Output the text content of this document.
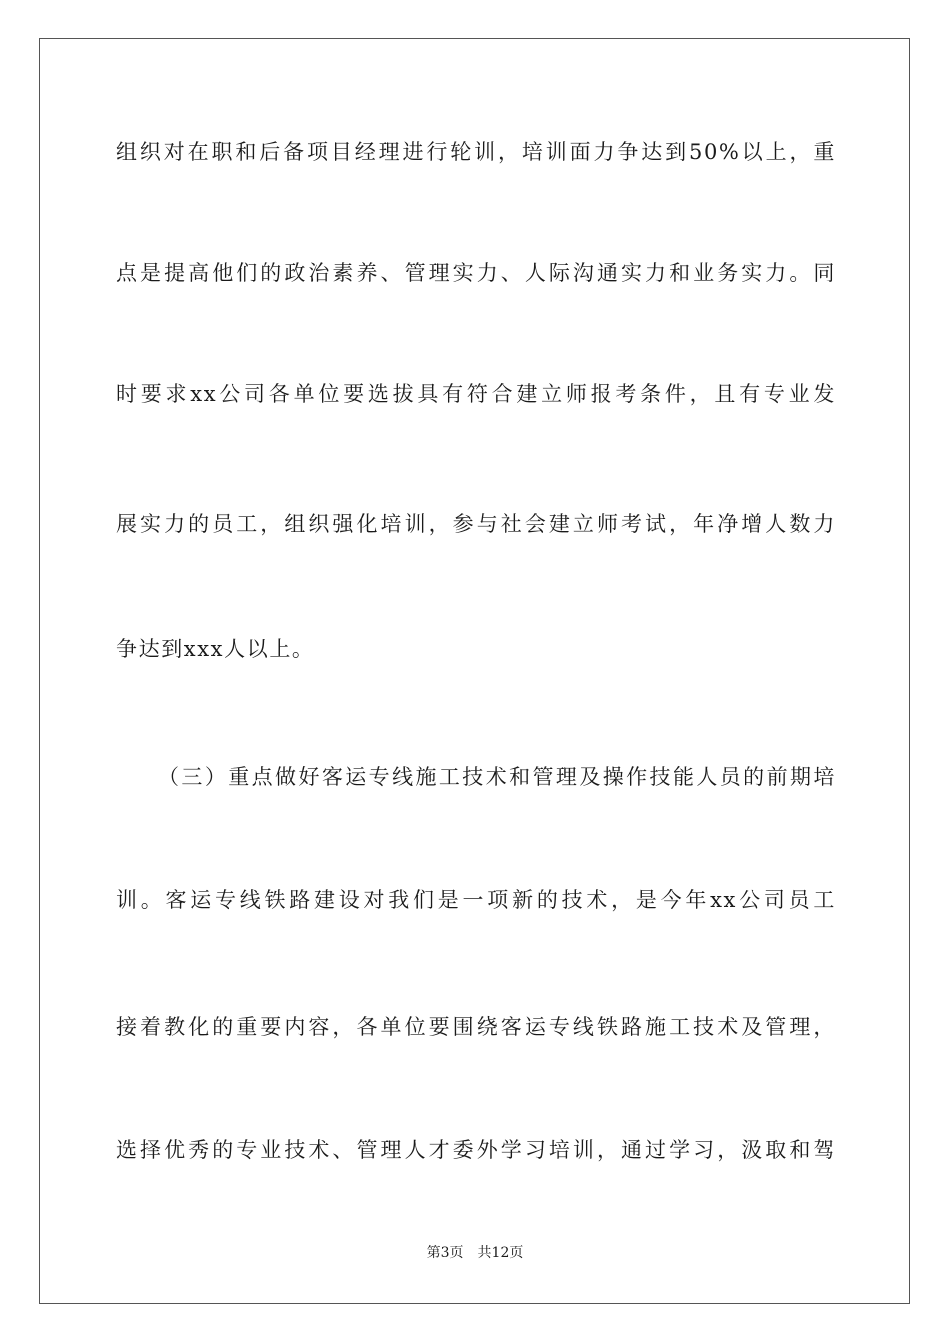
组织对在职和后备项目经理进行轮训，培训面力争达到50%以上，重
点是提高他们的政治素养、管理实力、人际沟通实力和业务实力。同
时要求xx公司各单位要选拔具有符合建立师报考条件，且有专业发
展实力的员工，组织强化培训，参与社会建立师考试，年净增人数力
争达到xxx人以上。
（三）重点做好客运专线施工技术和管理及操作技能人员的前期培
训。客运专线铁路建设对我们是一项新的技术，是今年xx公司员工
接着教化的重要内容，各单位要围绕客运专线铁路施工技术及管理，
选择优秀的专业技术、管理人才委外学习培训，通过学习，汲取和驾
第3页 共12页
